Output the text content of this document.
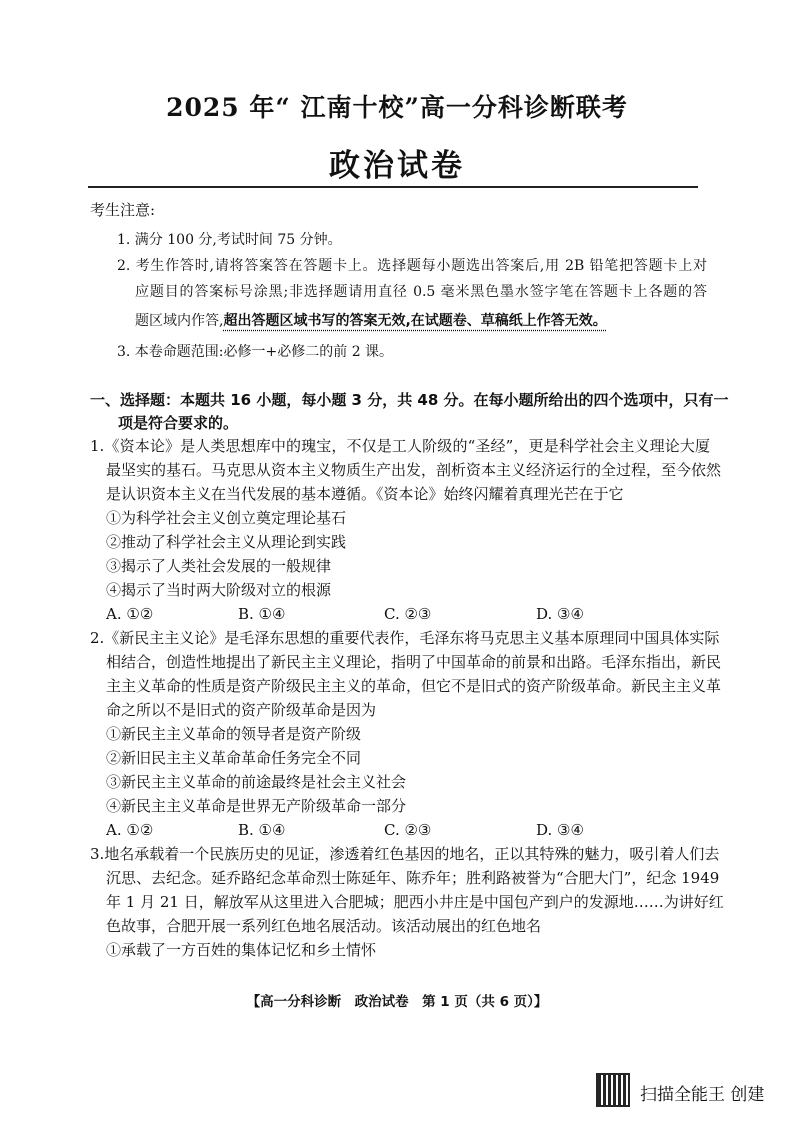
2025 年“ 江南十校”高一分科诊断联考
政治试卷
考生注意:
1. 满分 100 分,考试时间 75 分钟。
2. 考生作答时,请将答案答在答题卡上。选择题每小题选出答案后,用 2B 铅笔把答题卡上对
应题目的答案标号涂黑;非选择题请用直径 0.5 毫米黑色墨水签字笔在答题卡上各题的答
题区域内作答,超出答题区域书写的答案无效,在试题卷、草稿纸上作答无效。
3. 本卷命题范围:必修一+必修二的前 2 课。
一、选择题：本题共 16 小题，每小题 3 分，共 48 分。在每小题所给出的四个选项中，只有一
项是符合要求的。
1.《资本论》是人类思想库中的瑰宝，不仅是工人阶级的“圣经”，更是科学社会主义理论大厦
最坚实的基石。马克思从资本主义物质生产出发，剖析资本主义经济运行的全过程，至今依然
是认识资本主义在当代发展的基本遵循。《资本论》始终闪耀着真理光芒在于它
①为科学社会主义创立奠定理论基石
②推动了科学社会主义从理论到实践
③揭示了人类社会发展的一般规律
④揭示了当时两大阶级对立的根源
A. ①②	B. ①④	C. ②③	D. ③④
2.《新民主主义论》是毛泽东思想的重要代表作，毛泽东将马克思主义基本原理同中国具体实际
相结合，创造性地提出了新民主主义理论，指明了中国革命的前景和出路。毛泽东指出，新民
主主义革命的性质是资产阶级民主主义的革命，但它不是旧式的资产阶级革命。新民主主义革
命之所以不是旧式的资产阶级革命是因为
①新民主主义革命的领导者是资产阶级
②新旧民主主义革命革命任务完全不同
③新民主主义革命的前途最终是社会主义社会
④新民主主义革命是世界无产阶级革命一部分
A. ①②	B. ①④	C. ②③	D. ③④
3.地名承载着一个民族历史的见证，渗透着红色基因的地名，正以其特殊的魅力，吸引着人们去
沉思、去纪念。延乔路纪念革命烈士陈延年、陈乔年；胜利路被誉为“合肥大门”，纪念 1949
年 1 月 21 日，解放军从这里进入合肥城；肥西小井庄是中国包产到户的发源地……为讲好红
色故事，合肥开展一系列红色地名展活动。该活动展出的红色地名
①承载了一方百姓的集体记忆和乡土情怀
【高一分科诊断　政治试卷　第 1 页（共 6 页）】
扫描全能王 创建
